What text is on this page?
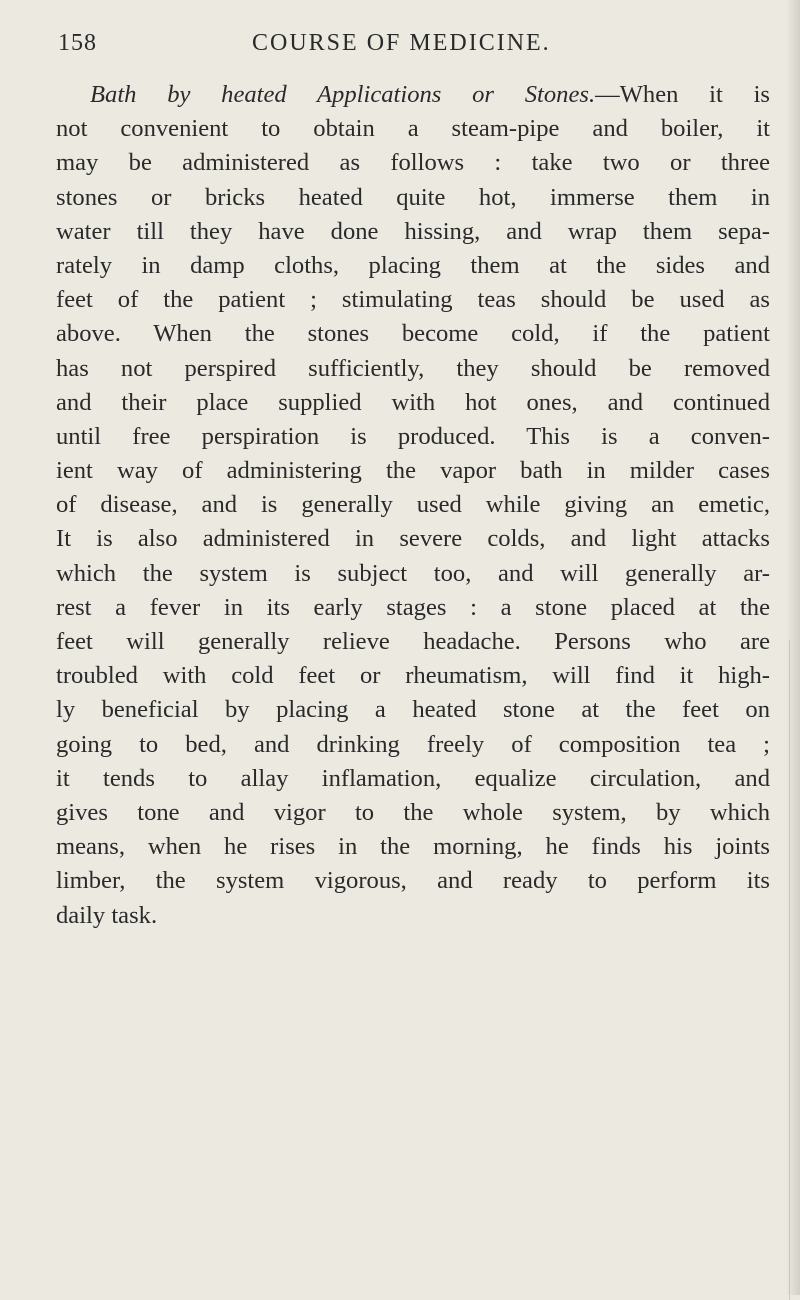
158	COURSE OF MEDICINE.
Bath by heated Applications or Stones.—When it is
not convenient to obtain a steam-pipe and boiler, it
may be administered as follows : take two or three
stones or bricks heated quite hot, immerse them in
water till they have done hissing, and wrap them sepa-
rately in damp cloths, placing them at the sides and
feet of the patient ; stimulating teas should be used as
above. When the stones become cold, if the patient
has not perspired sufficiently, they should be removed
and their place supplied with hot ones, and continued
until free perspiration is produced. This is a conven-
ient way of administering the vapor bath in milder cases
of disease, and is generally used while giving an emetic,
It is also administered in severe colds, and light attacks
which the system is subject too, and will generally ar-
rest a fever in its early stages : a stone placed at the
feet will generally relieve headache. Persons who are
troubled with cold feet or rheumatism, will find it high-
ly beneficial by placing a heated stone at the feet on
going to bed, and drinking freely of composition tea ;
it tends to allay inflamation, equalize circulation, and
gives tone and vigor to the whole system, by which
means, when he rises in the morning, he finds his joints
limber, the system vigorous, and ready to perform its
daily task.
